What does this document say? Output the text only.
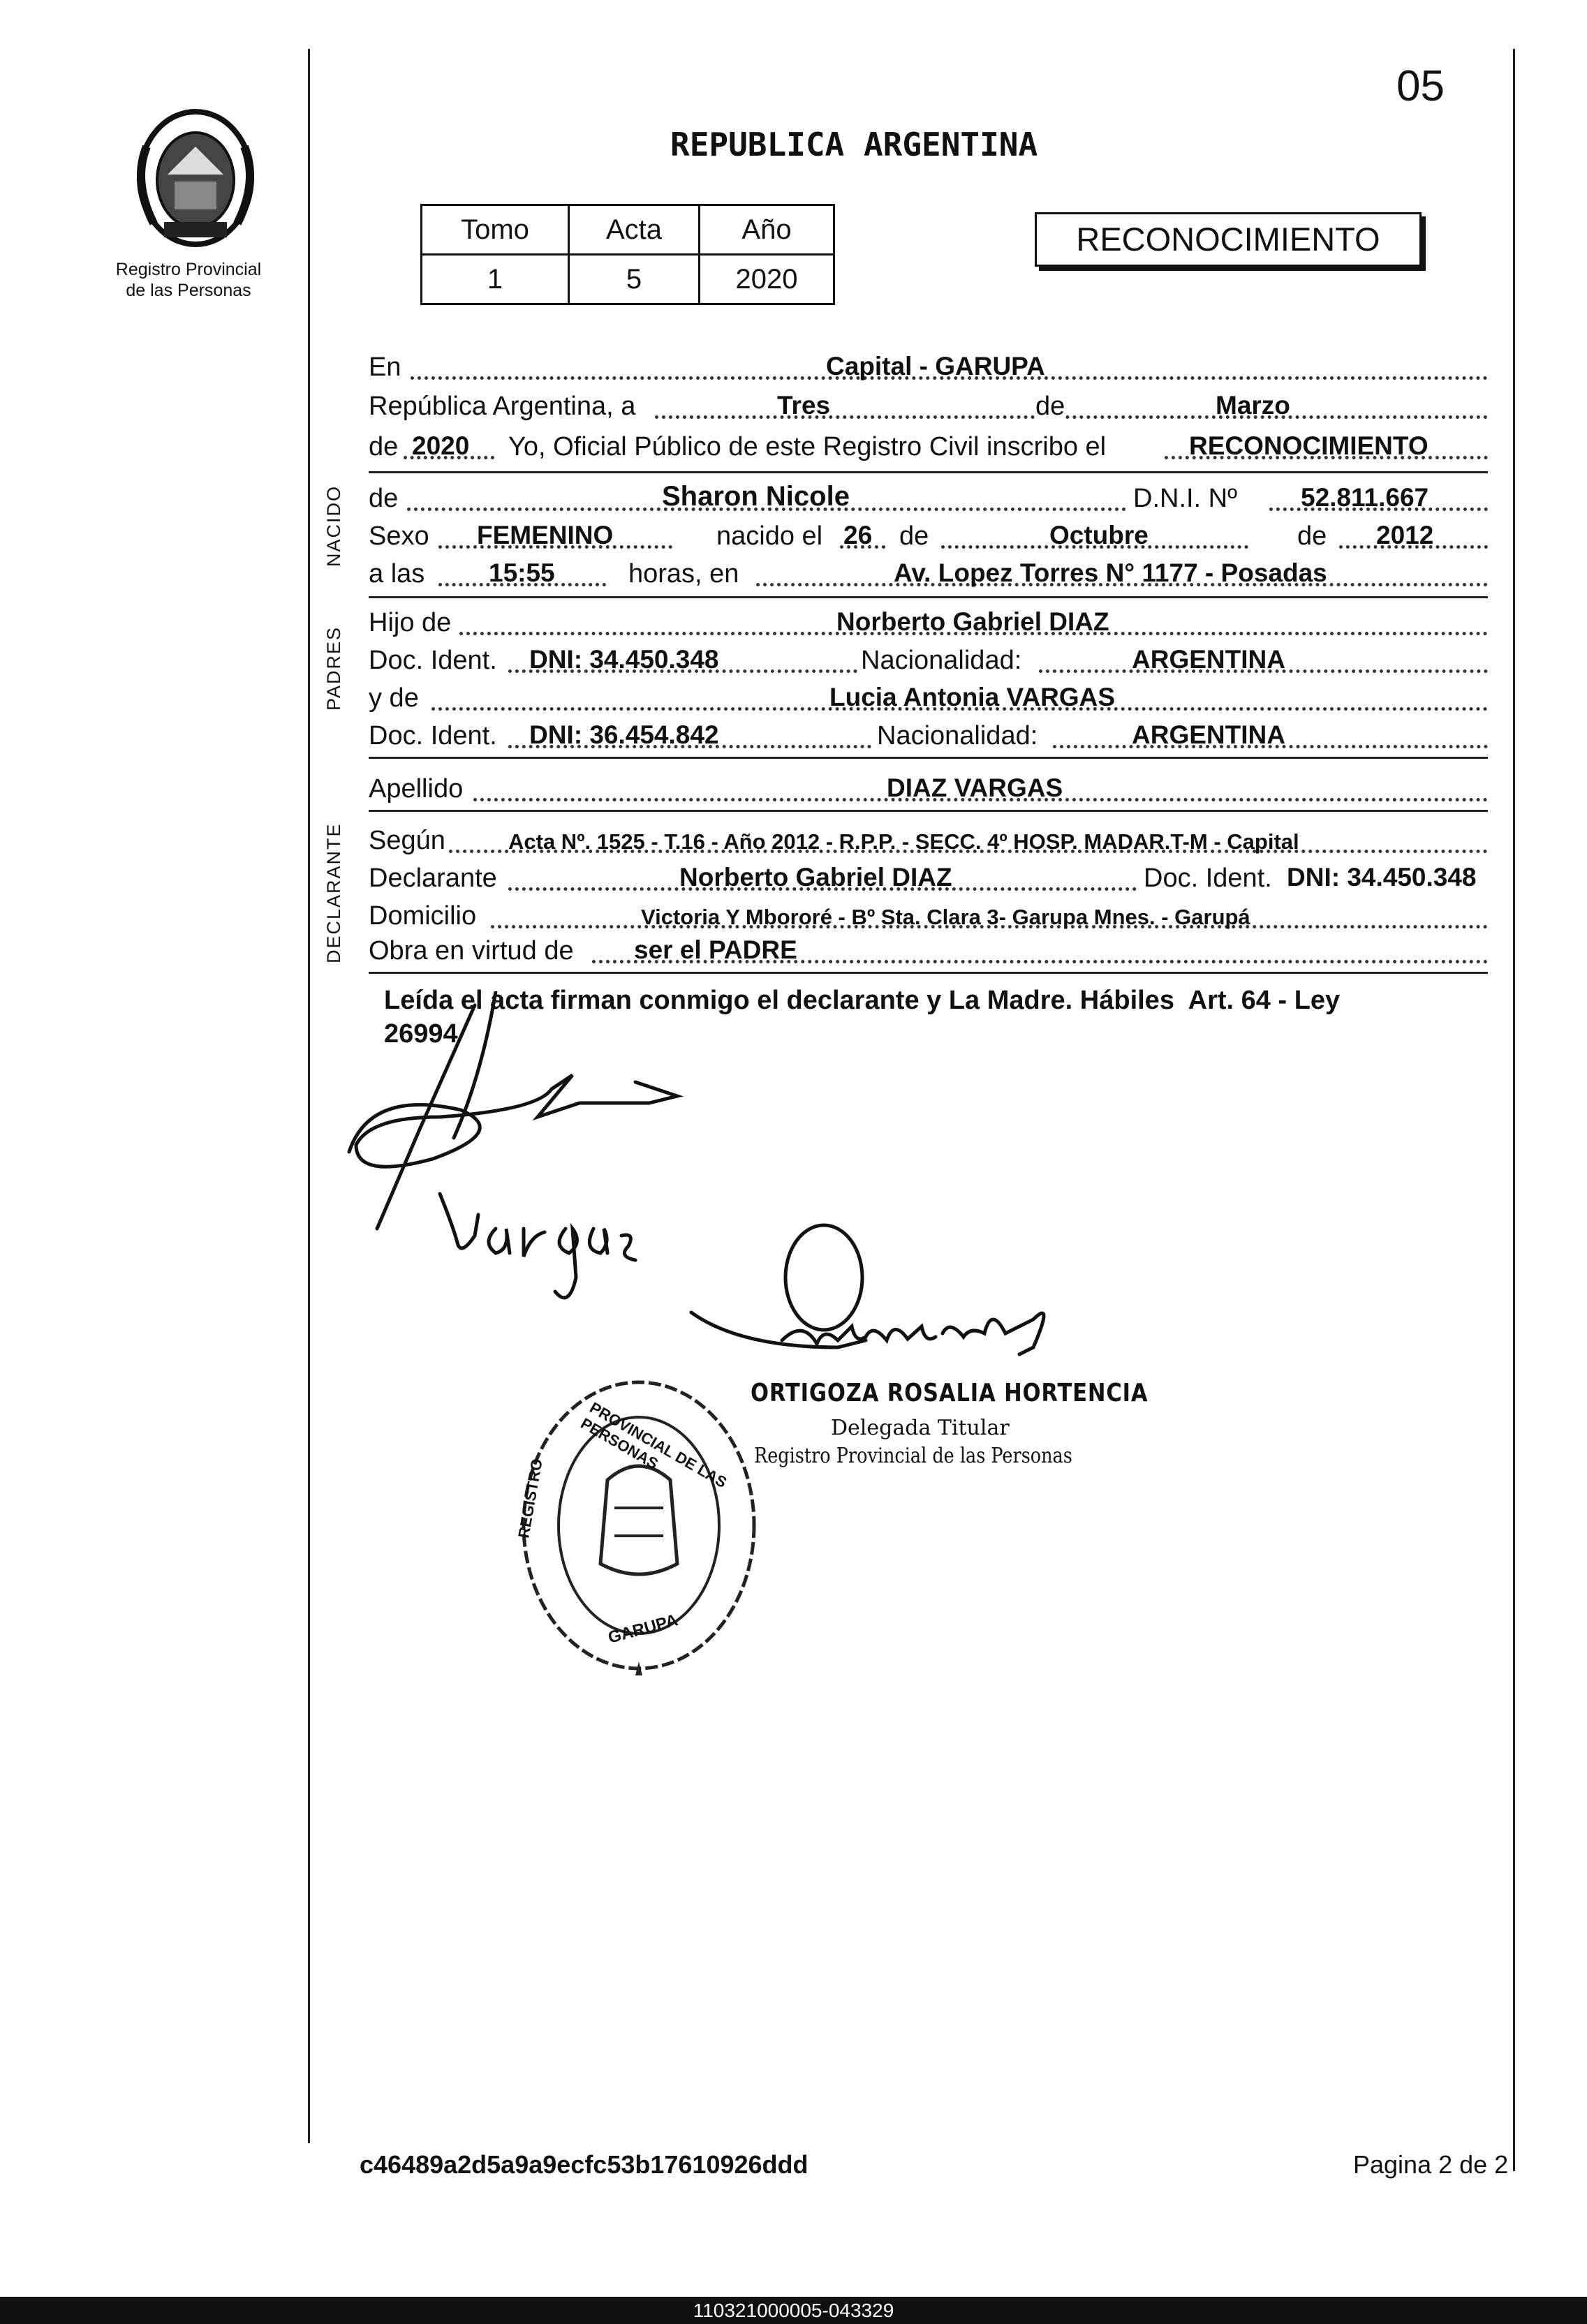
05
Registro Provincial
de las Personas
REPUBLICA ARGENTINA
Tomo	Acta	Año
1	5	2020
RECONOCIMIENTO
NACIDO
PADRES
DECLARANTE
En	Capital - GARUPA
República Argentina, a	Tres	de	Marzo
de 2020 Yo, Oficial Público de este Registro Civil inscribo el	RECONOCIMIENTO
de	Sharon Nicole	D.N.I. Nº 52.811.667
Sexo FEMENINO	nacido el 26 de	Octubre	de 2012
a las 15:55	horas, en	Av. Lopez Torres N° 1177 - Posadas
Hijo de	Norberto Gabriel DIAZ
Doc. Ident. DNI: 34.450.348	Nacionalidad:	ARGENTINA
y de	Lucia Antonia VARGAS
Doc. Ident. DNI: 36.454.842	Nacionalidad:	ARGENTINA
Apellido	DIAZ VARGAS
Según	Acta Nº. 1525 - T.16 - Año 2012 - R.P.P. - SECC. 4º HOSP. MADAR.T-M - Capital
Declarante	Norberto Gabriel DIAZ	Doc. Ident. DNI: 34.450.348
Domicilio	Victoria Y Mbororé - Bº Sta. Clara 3- Garupa Mnes. - Garupá
Obra en virtud de ser el PADRE
Leída el acta firman conmigo el declarante y La Madre. Hábiles  Art. 64 - Ley
26994
ORTIGOZA ROSALIA HORTENCIA
Delegada Titular
Registro Provincial de las Personas
PROVINCIAL DE LAS PERSONAS
REGISTRO
GARUPA
c46489a2d5a9a9ecfc53b17610926ddd	Pagina 2 de 2
110321000005-043329
